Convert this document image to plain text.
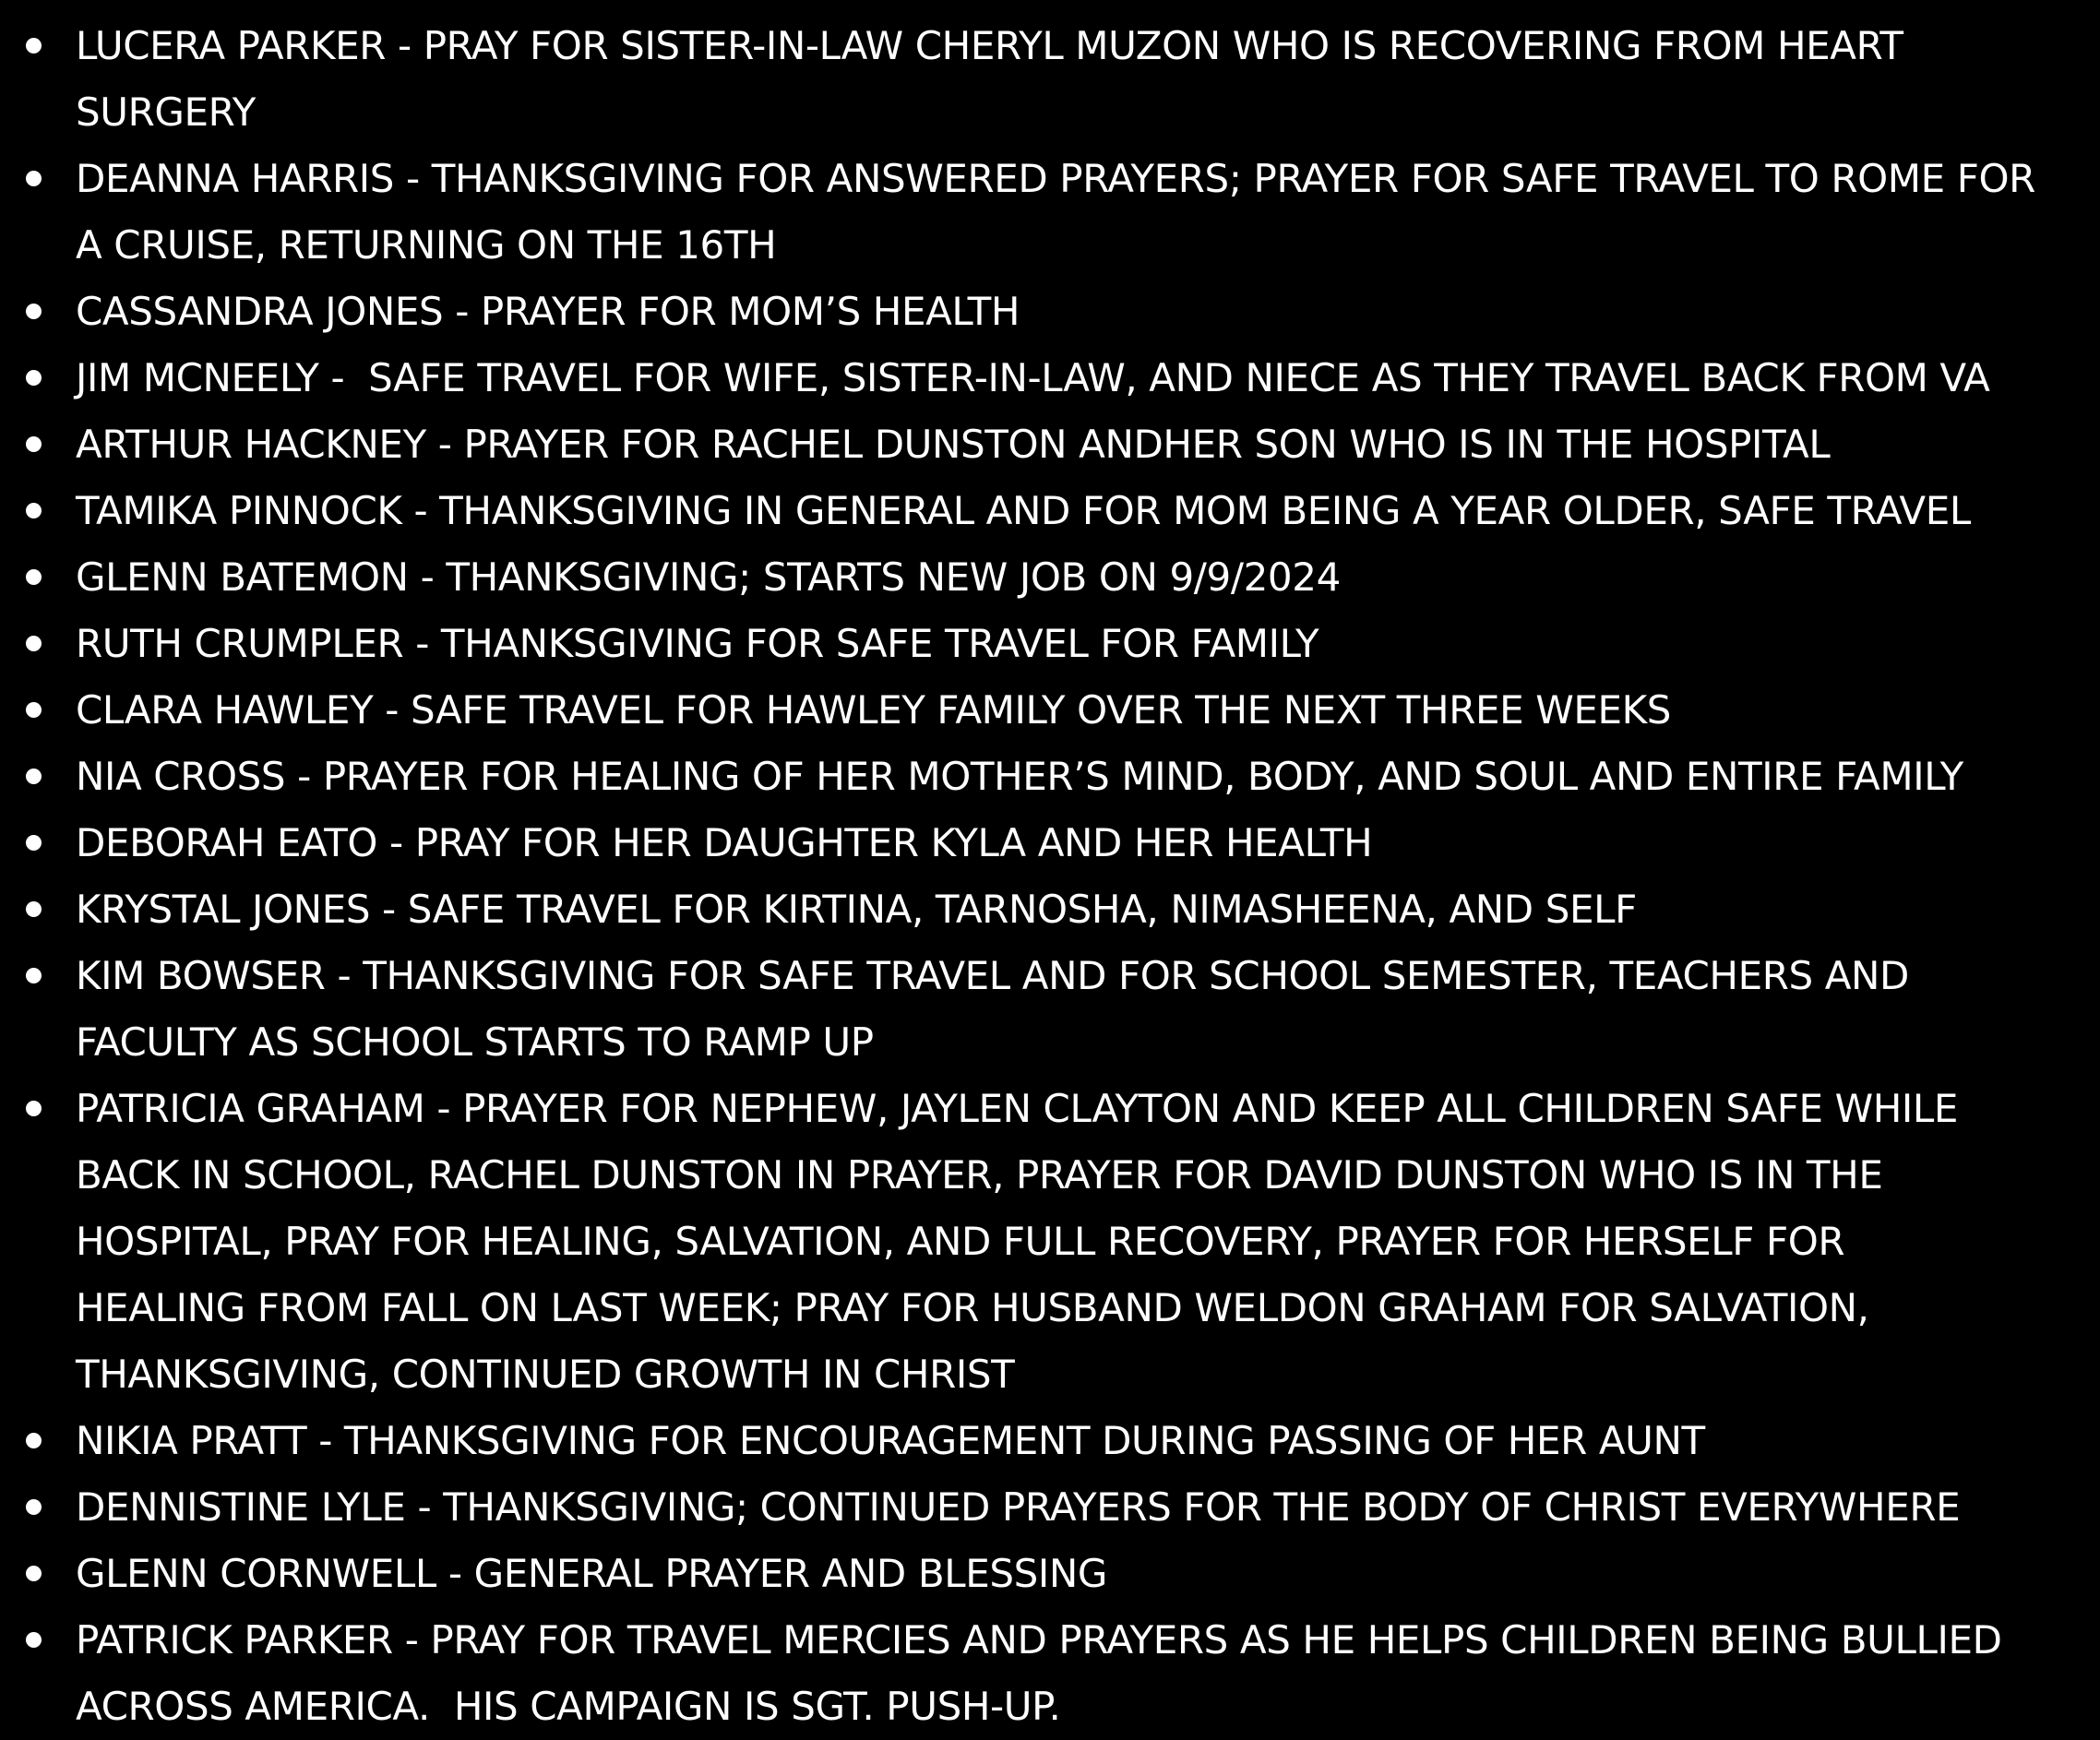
LUCERA PARKER - PRAY FOR SISTER-IN-LAW CHERYL MUZON WHO IS RECOVERING FROM HEART
SURGERY
DEANNA HARRIS - THANKSGIVING FOR ANSWERED PRAYERS; PRAYER FOR SAFE TRAVEL TO ROME FOR
A CRUISE, RETURNING ON THE 16TH
CASSANDRA JONES - PRAYER FOR MOM’S HEALTH
JIM MCNEELY -  SAFE TRAVEL FOR WIFE, SISTER-IN-LAW, AND NIECE AS THEY TRAVEL BACK FROM VA
ARTHUR HACKNEY - PRAYER FOR RACHEL DUNSTON ANDHER SON WHO IS IN THE HOSPITAL
TAMIKA PINNOCK - THANKSGIVING IN GENERAL AND FOR MOM BEING A YEAR OLDER, SAFE TRAVEL
GLENN BATEMON - THANKSGIVING; STARTS NEW JOB ON 9/9/2024
RUTH CRUMPLER - THANKSGIVING FOR SAFE TRAVEL FOR FAMILY
CLARA HAWLEY - SAFE TRAVEL FOR HAWLEY FAMILY OVER THE NEXT THREE WEEKS
NIA CROSS - PRAYER FOR HEALING OF HER MOTHER’S MIND, BODY, AND SOUL AND ENTIRE FAMILY
DEBORAH EATO - PRAY FOR HER DAUGHTER KYLA AND HER HEALTH
KRYSTAL JONES - SAFE TRAVEL FOR KIRTINA, TARNOSHA, NIMASHEENA, AND SELF
KIM BOWSER - THANKSGIVING FOR SAFE TRAVEL AND FOR SCHOOL SEMESTER, TEACHERS AND
FACULTY AS SCHOOL STARTS TO RAMP UP
PATRICIA GRAHAM - PRAYER FOR NEPHEW, JAYLEN CLAYTON AND KEEP ALL CHILDREN SAFE WHILE
BACK IN SCHOOL, RACHEL DUNSTON IN PRAYER, PRAYER FOR DAVID DUNSTON WHO IS IN THE
HOSPITAL, PRAY FOR HEALING, SALVATION, AND FULL RECOVERY, PRAYER FOR HERSELF FOR
HEALING FROM FALL ON LAST WEEK; PRAY FOR HUSBAND WELDON GRAHAM FOR SALVATION,
THANKSGIVING, CONTINUED GROWTH IN CHRIST
NIKIA PRATT - THANKSGIVING FOR ENCOURAGEMENT DURING PASSING OF HER AUNT
DENNISTINE LYLE - THANKSGIVING; CONTINUED PRAYERS FOR THE BODY OF CHRIST EVERYWHERE
GLENN CORNWELL - GENERAL PRAYER AND BLESSING
PATRICK PARKER - PRAY FOR TRAVEL MERCIES AND PRAYERS AS HE HELPS CHILDREN BEING BULLIED
ACROSS AMERICA.  HIS CAMPAIGN IS SGT. PUSH-UP.
